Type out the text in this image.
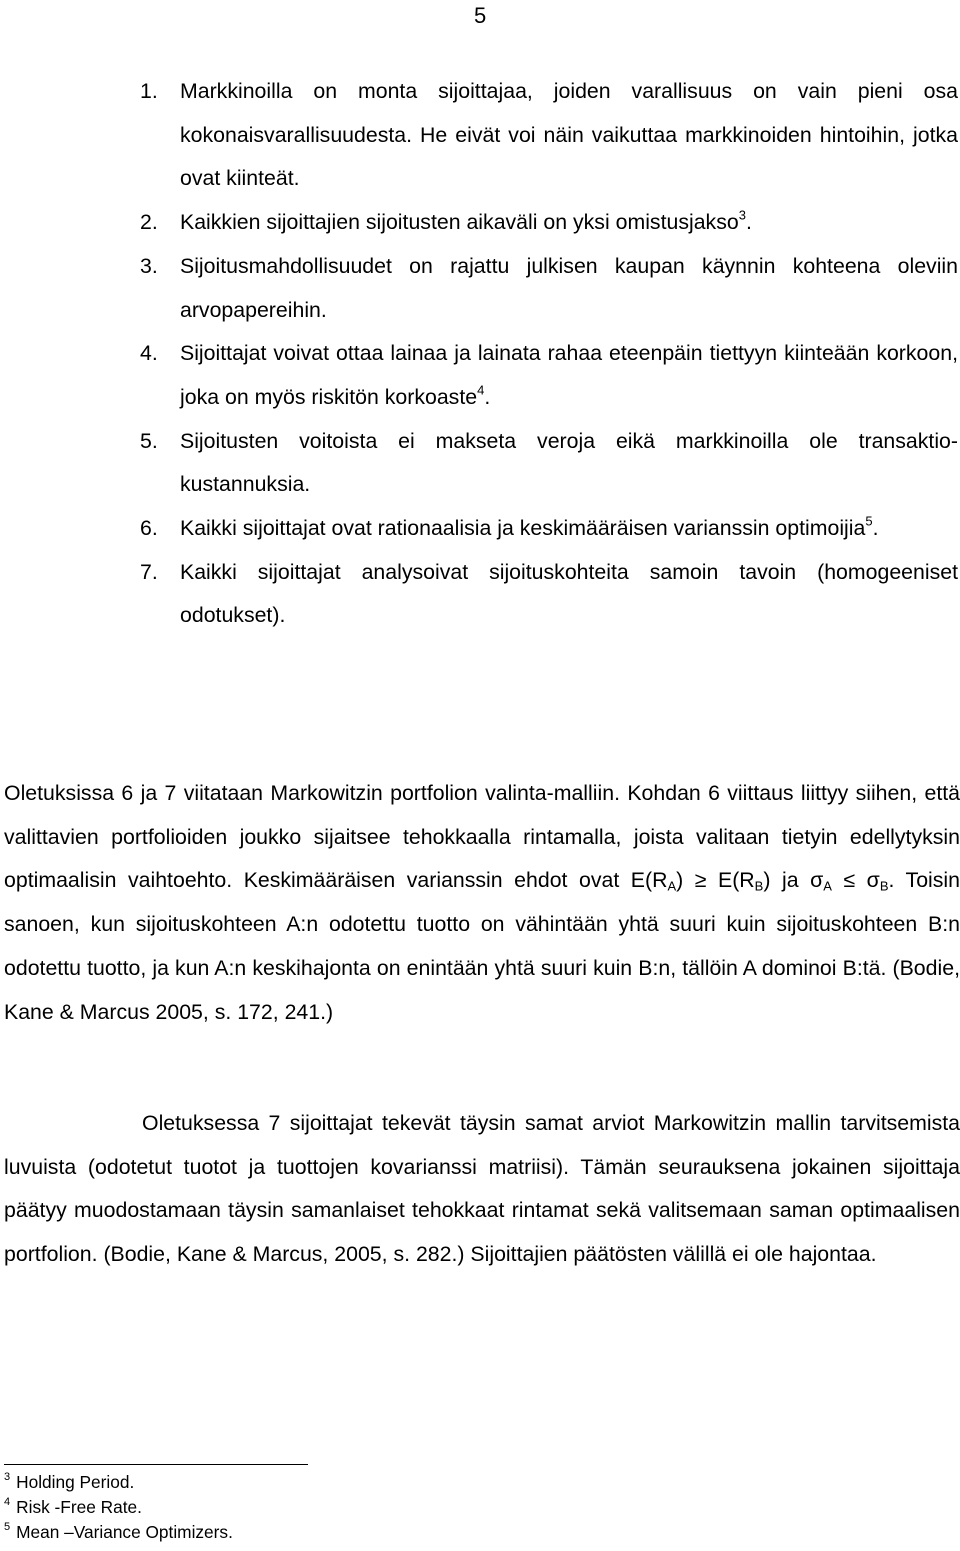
5
1. Markkinoilla on monta sijoittajaa, joiden varallisuus on vain pieni osa kokonaisvarallisuudesta. He eivät voi näin vaikuttaa markkinoiden hintoihin, jotka ovat kiinteät.
2. Kaikkien sijoittajien sijoitusten aikaväli on yksi omistusjakso$^3$.
3. Sijoitusmahdollisuudet on rajattu julkisen kaupan käynnin kohteena oleviin arvopapereihin.
4. Sijoittajat voivat ottaa lainaa ja lainata rahaa eteenpäin tiettyyn kiinteään korkoon, joka on myös riskitön korkoaste$^4$.
5. Sijoitusten voitoista ei makseta veroja eikä markkinoilla ole transaktio-kustannuksia.
6. Kaikki sijoittajat ovat rationaalisia ja keskimääräisen varianssin optimoijia$^5$.
7. Kaikki sijoittajat analysoivat sijoituskohteita samoin tavoin (homogeeniset odotukset).

Oletuksissa 6 ja 7 viitataan Markowitzin portfolion valinta-malliin. Kohdan 6 viittaus liittyy siihen, että valittavien portfolioiden joukko sijaitsee tehokkaalla rintamalla, joista valitaan tietyin edellytyksin optimaalisin vaihtoehto. Keskimääräisen varianssin ehdot ovat $E(R_A) \ge E(R_B)$ ja $\sigma_A \le \sigma_B$. Toisin sanoen, kun sijoituskohteen A:n odotettu tuotto on vähintään yhtä suuri kuin sijoituskohteen B:n odotettu tuotto, ja kun A:n keskihajonta on enintään yhtä suuri kuin B:n, tällöin A dominoi B:tä. (Bodie, Kane & Marcus 2005, s. 172, 241.)

Oletuksessa 7 sijoittajat tekevät täysin samat arviot Markowitzin mallin tarvitsemista luvuista (odotetut tuotot ja tuottojen kovarianssi matriisi). Tämän seurauksena jokainen sijoittaja päätyy muodostamaan täysin samanlaiset tehokkaat rintamat sekä valitsemaan saman optimaalisen portfolion. (Bodie, Kane & Marcus, 2005, s. 282.) Sijoittajien päätösten välillä ei ole hajontaa.

$^3$ Holding Period.
$^4$ Risk -Free Rate.
$^5$ Mean –Variance Optimizers.
